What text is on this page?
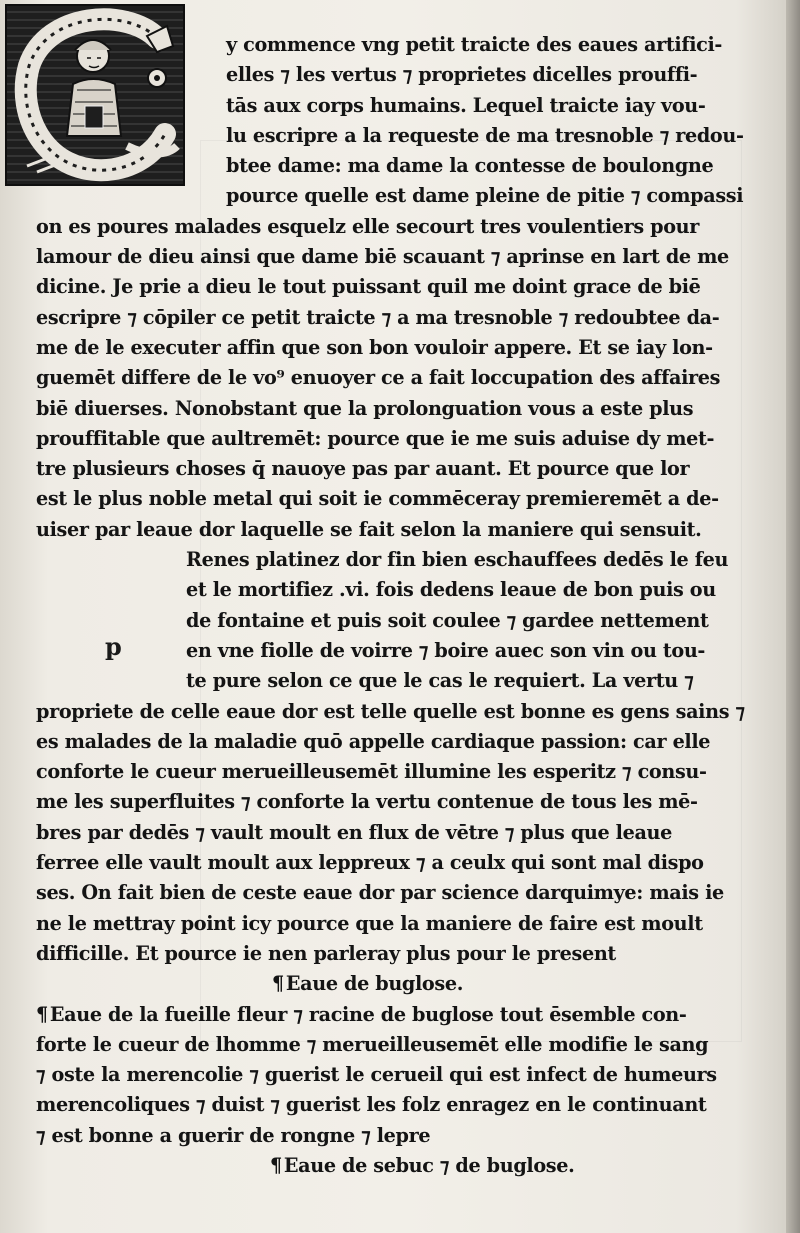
p
y commence vng petit traicte des eaues artifici-
elles ⁊ les vertus ⁊ proprietes dicelles prouffi-
tās aux corps humains. Lequel traicte iay vou-
lu escripre a la requeste de ma tresnoble ⁊ redou-
btee dame: ma dame la contesse de boulongne
pource quelle est dame pleine de pitie ⁊ compassi
on es poures malades esquelz elle secourt tres voulentiers pour
lamour de dieu ainsi que dame biē scauant ⁊ aprinse en lart de me
dicine. Je prie a dieu le tout puissant quil me doint grace de biē
escripre ⁊ cōpiler ce petit traicte ⁊ a ma tresnoble ⁊ redoubtee da-
me de le executer affin que son bon vouloir appere. Et se iay lon-
guemēt differe de le vo⁹ enuoyer ce a fait loccupation des affaires
biē diuerses. Nonobstant que la prolonguation vous a este plus
prouffitable que aultremēt: pource que ie me suis aduise dy met-
tre plusieurs choses q̄ nauoye pas par auant. Et pource que lor
est le plus noble metal qui soit ie commēceray premieremēt a de-
uiser par leaue dor laquelle se fait selon la maniere qui sensuit.
Renes platinez dor fin bien eschauffees dedēs le feu
et le mortifiez .vi. fois dedens leaue de bon puis ou
de fontaine et puis soit coulee ⁊ gardee nettement
en vne fiolle de voirre ⁊ boire auec son vin ou tou-
te pure selon ce que le cas le requiert. La vertu ⁊
propriete de celle eaue dor est telle quelle est bonne es gens sains ⁊
es malades de la maladie quō appelle cardiaque passion: car elle
conforte le cueur merueilleusemēt illumine les esperitz ⁊ consu-
me les superfluites ⁊ conforte la vertu contenue de tous les mē-
bres par dedēs ⁊ vault moult en flux de vētre ⁊ plus que leaue
ferree elle vault moult aux leppreux ⁊ a ceulx qui sont mal dispo
ses. On fait bien de ceste eaue dor par science darquimye: mais ie
ne le mettray point icy pource que la maniere de faire est moult
difficille. Et pource ie nen parleray plus pour le present
¶ Eaue de buglose.
¶ Eaue de la fueille fleur ⁊ racine de buglose tout ēsemble con-
forte le cueur de lhomme ⁊ merueilleusemēt elle modifie le sang
⁊ oste la merencolie ⁊ guerist le cerueil qui est infect de humeurs
merencoliques ⁊ duist ⁊ guerist les folz enragez en le continuant
⁊ est bonne a guerir de rongne ⁊ lepre
¶ Eaue de sebuc ⁊ de buglose.
